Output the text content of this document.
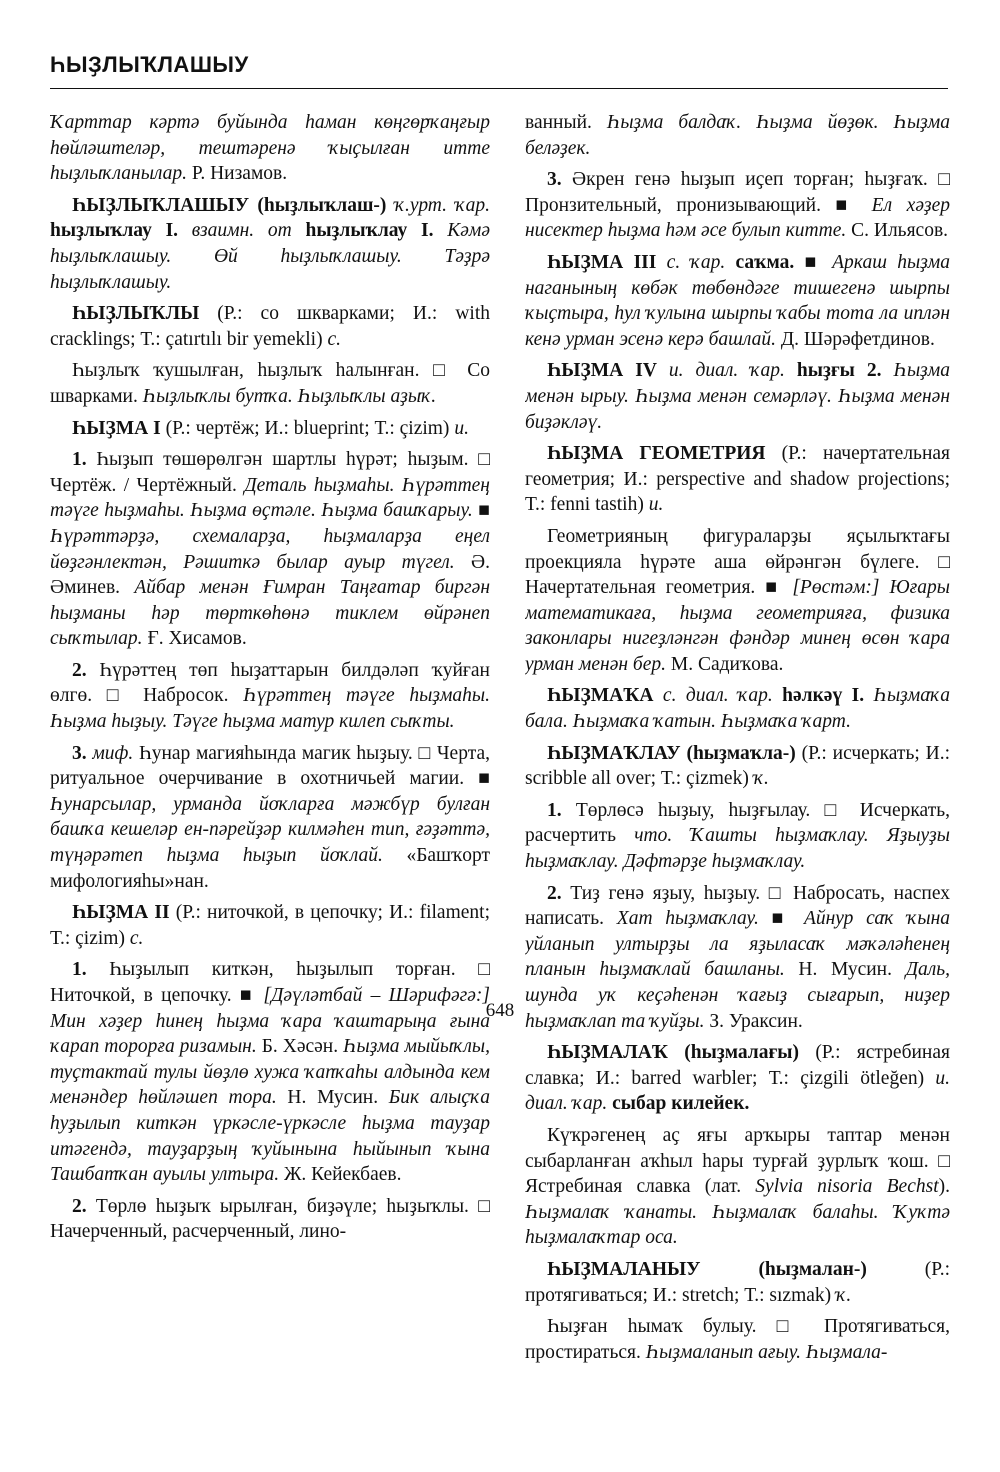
ҺЫҘЛЫҠЛАШЫУ

Ҡарттар кәртә буйында һаман көңгөрҡаңғыр һөйләштеләр, тештәренә ҡыҫылған итте һыҙлыҡланылар. Р. Низамов.

ҺЫҘЛЫҠЛАШЫУ (һыҙлыҡлаш-) ҡ.урт. ҡар. һыҙлыҡлау I. взаимн. от һыҙлыҡлау I. Кәмә һыҙлыҡлашыу. Өй һыҙлыҡлашыу. Тәҙрә һыҙлыҡлашыу.

ҺЫҘЛЫҠЛЫ (Р.: со шкварками; И.: with cracklings; Т.: çatırtılı bir yemekli) с.

Һыҙлыҡ ҡушылған, һыҙлыҡ һалынған. □ Со шварками. Һыҙлыҡлы бутҡа. Һыҙлыҡлы аҙыҡ.

ҺЫҘМА I (Р.: чертёж; И.: blueprint; Т.: çizim) и.

1. Һыҙып төшөрөлгән шартлы һүрәт; һыҙым. □ Чертёж. / Чертёжный. Деталь һыҙмаһы. Һүрәттең тәүге һыҙмаһы. Һыҙма өҫтәле. Һыҙма башҡарыу. ■ Һүрәттәрҙә, схемаларҙа, һыҙмаларҙа еңел йөҙгәнлектән, Рәшиткә былар ауыр түгел. Ә. Әминев. Айбар менән Ғимран Таңғатар биргән һыҙманы һәр төрткөһөнә тиклем өйрәнеп сыҡтылар. Ғ. Хисамов.

2. Һүрәттең төп һыҙаттарын билдәләп ҡуйған өлгө. □ Набросок. Һүрәттең тәүге һыҙмаһы. Һыҙма һыҙыу. Тәүге һыҙма матур килеп сыҡты.

3. миф. Һунар магияһында магик һыҙыу. □ Черта, ритуальное очерчивание в охотничьей магии. ■ Һунарсылар, урманда йоҡларға мәжбүр булған башҡа кешеләр ен-пәрейҙәр килмәһен тип, ғәҙәттә, түңәрәтеп һыҙма һыҙып йоҡлай. «Башҡорт мифологияһы»нан.

ҺЫҘМА II (Р.: ниточкой, в цепочку; И.: filament; Т.: çizim) с.

1. Һыҙылып киткән, һыҙылып торған. □ Ниточкой, в цепочку. ■ [Дәүләтбай – Шәрифәгә:] Мин хәҙер һинең һыҙма ҡара ҡаштарыңа ғына ҡарап торорға ризамын. Б. Хәсән. Һыҙма мыйыҡлы, туҫтактай тулы йөҙлө хужа ҡапҡаһы алдында кем менәндер һөйләшеп тора. Н. Мусин. Бик алыҫҡа һуҙылып киткән үркәсле-үркәсле һыҙма тауҙар итәгендә, тауҙарҙың ҡуйынына һыйынып ҡына Ташбатҡан ауылы ултыра. Ж. Кейекбаев.

2. Төрлө һыҙыҡ ырылған, биҙәүле; һыҙыҡлы. □ Начерченный, расчерченный, лино-

ванный. Һыҙма балдаҡ. Һыҙма йөҙөк. Һыҙма беләҙек.

3. Әкрен генә һыҙып иҫеп торған; һыҙғаҡ. □ Пронзительный, пронизывающий. ■ Ел хәҙер нисектер һыҙма һәм әсе булып китте. С. Ильясов.

ҺЫҘМА III с. ҡар. саҡма. ■ Аркаш һыҙма наганының көбәк төбөндәге тишегенә шырпы ҡыҫтыра, һул ҡулына шырпы ҡабы тота ла иплән кенә урман эсенә керә башлай. Д. Шәрәфетдинов.

ҺЫҘМА IV и. диал. ҡар. һыҙғы 2. Һыҙма менән ырыу. Һыҙма менән семәрләү. Һыҙма менән биҙәкләү.

ҺЫҘМА ГЕОМЕТРИЯ (Р.: начертательная геометрия; И.: perspective and shadow projections; Т.: fenni tastih) и.

Геометрияның фигураларҙы яҫылыҡтағы проекцияла һүрәте аша өйрәнгән бүлеге. □ Начертательная геометрия. ■ [Рөстәм:] Юғары математикаға, һыҙма геометрияға, физика законлары нигеҙләнгән фәндәр минең өсөн ҡара урман менән бер. М. Садиҡова.

ҺЫҘМАҠА с. диал. ҡар. һәлкәү I. Һыҙмаҡа бала. Һыҙмаҡа ҡатын. Һыҙмаҡа ҡарт.

ҺЫҘМАҠЛАУ (һыҙмаҡла-) (Р.: исчеркать; И.: scribble all over; Т.: çizmek) ҡ.

1. Төрлөсә һыҙыу, һыҙғылау. □ Исчеркать, расчертить что. Ҡашты һыҙмаҡлау. Яҙыуҙы һыҙмаҡлау. Дәфтәрҙе һыҙмаҡлау.

2. Тиҙ генә яҙыу, һыҙыу. □ Набросать, наспех написать. Хат һыҙмаҡлау. ■ Айнур саҡ ҡына уйланып ултырҙы ла яҙыласаҡ мәҡәләһенең планын һыҙмаҡлай башланы. Н. Мусин. Даль, шунда уҡ кеҫәһенән ҡағыҙ сығарып, ниҙер һыҙмаҡлап та ҡуйҙы. З. Ураксин.

ҺЫҘМАЛАҠ (һыҙмалағы) (Р.: ястребиная славка; И.: barred warbler; Т.: çizgili ötleğen) и. диал. ҡар. сыбар килейек.

Күҡрәгенең аҫ яғы арҡыры таптар менән сыбарланған аҡһыл һары турғай ҙурлыҡ ҡош. □ Ястребиная славка (лат. Sylvia nisoria Bechst). Һыҙмалаҡ ҡанаты. Һыҙмалаҡ балаһы. Ҡуҡтә һыҙмалаҡтар оса.

ҺЫҘМАЛАНЫУ (һыҙмалан-) (Р.: протягиваться; И.: stretch; Т.: sızmak) ҡ.

Һыҙған һымаҡ булыу. □ Протягиваться, простираться. Һыҙмаланып ағыу. Һыҙмала-

648
